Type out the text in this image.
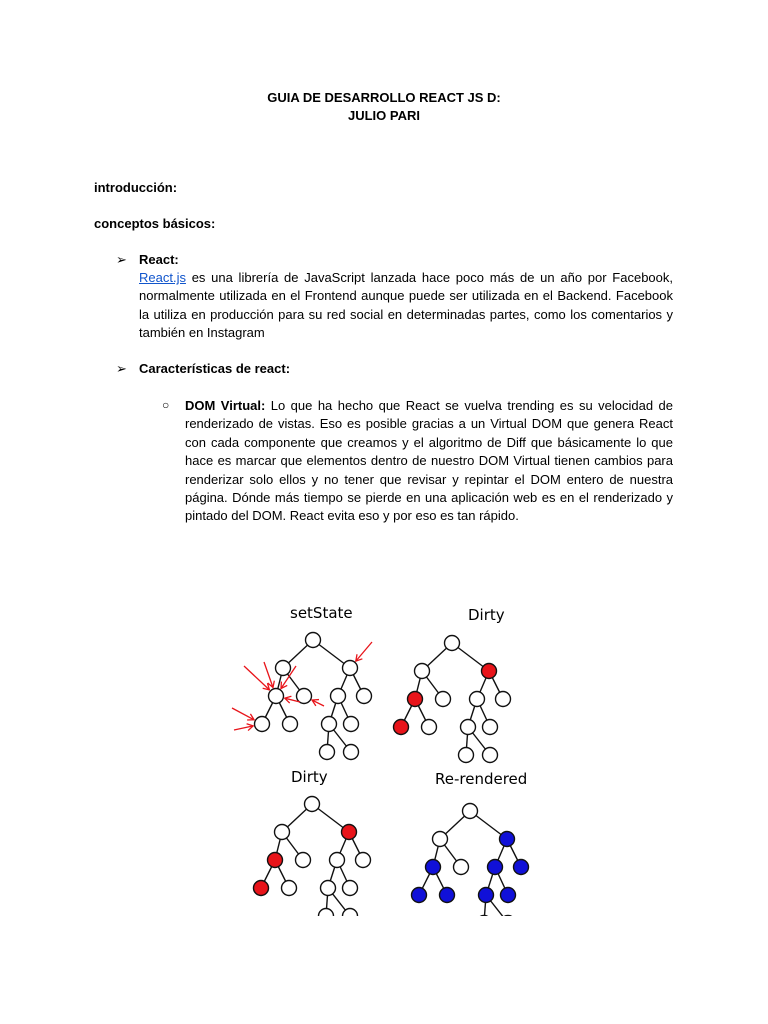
GUIA DE DESARROLLO REACT JS D:
JULIO PARI
introducción:
conceptos básicos:
➢ React:
React.js es una librería de JavaScript lanzada hace poco más de un año por Facebook, normalmente utilizada en el Frontend aunque puede ser utilizada en el Backend. Facebook la utiliza en producción para su red social en determinadas partes, como los comentarios y también en Instagram
➢ Características de react:
○ DOM Virtual: Lo que ha hecho que React se vuelva trending es su velocidad de renderizado de vistas. Eso es posible gracias a un Virtual DOM que genera React con cada componente que creamos y el algoritmo de Diff que básicamente lo que hace es marcar que elementos dentro de nuestro DOM Virtual tienen cambios para renderizar solo ellos y no tener que revisar y repintar el DOM entero de nuestra página. Dónde más tiempo se pierde en una aplicación web es en el renderizado y pintado del DOM. React evita eso y por eso es tan rápido.
setState	Dirty
Dirty	Re-rendered
